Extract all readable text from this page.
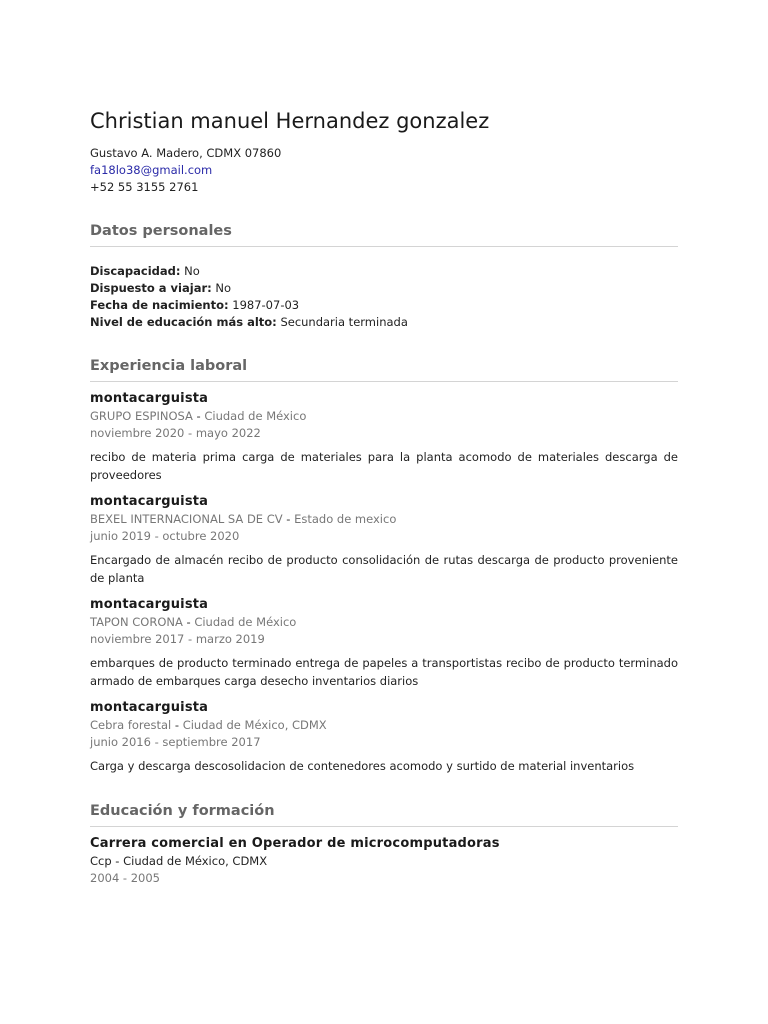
Christian manuel Hernandez gonzalez
Gustavo A. Madero, CDMX 07860
fa18lo38@gmail.com
+52 55 3155 2761
Datos personales
Discapacidad: No
Dispuesto a viajar: No
Fecha de nacimiento: 1987-07-03
Nivel de educación más alto: Secundaria terminada
Experiencia laboral
montacarguista
GRUPO ESPINOSA - Ciudad de México
noviembre 2020 - mayo 2022
recibo de materia prima carga de materiales para la planta acomodo de materiales descarga de proveedores
montacarguista
BEXEL INTERNACIONAL SA DE CV - Estado de mexico
junio 2019 - octubre 2020
Encargado de almacén recibo de producto consolidación de rutas descarga de producto proveniente de planta
montacarguista
TAPON CORONA - Ciudad de México
noviembre 2017 - marzo 2019
embarques de producto terminado entrega de papeles a transportistas recibo de producto terminado armado de embarques carga desecho inventarios diarios
montacarguista
Cebra forestal - Ciudad de México, CDMX
junio 2016 - septiembre 2017
Carga y descarga descosolidacion de contenedores acomodo y surtido de material inventarios
Educación y formación
Carrera comercial en Operador de microcomputadoras
Ccp - Ciudad de México, CDMX
2004 - 2005
